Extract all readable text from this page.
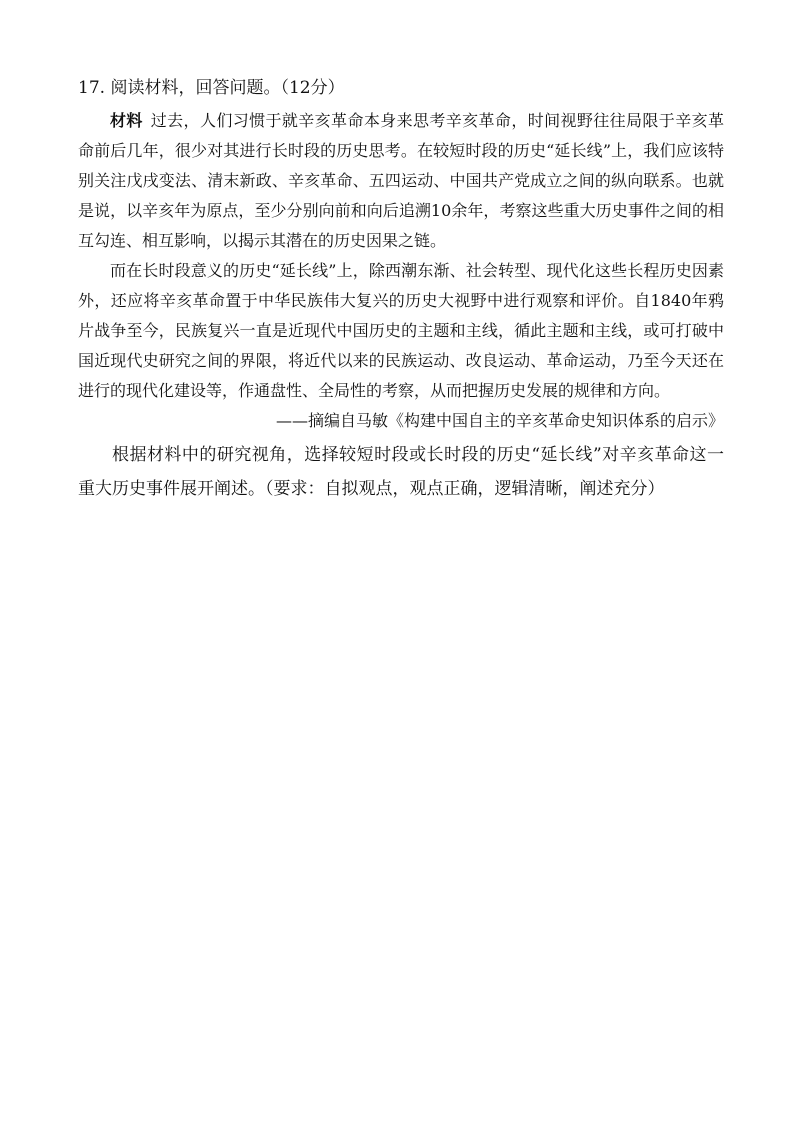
17. 阅读材料，回答问题。（12分）

材料 过去，人们习惯于就辛亥革命本身来思考辛亥革命，时间视野往往局限于辛亥革命前后几年，很少对其进行长时段的历史思考。在较短时段的历史“延长线”上，我们应该特别关注戊戌变法、清末新政、辛亥革命、五四运动、中国共产党成立之间的纵向联系。也就是说，以辛亥年为原点，至少分别向前和向后追溯10余年，考察这些重大历史事件之间的相互勾连、相互影响，以揭示其潜在的历史因果之链。

而在长时段意义的历史“延长线”上，除西潮东渐、社会转型、现代化这些长程历史因素外，还应将辛亥革命置于中华民族伟大复兴的历史大视野中进行观察和评价。自1840年鸦片战争至今，民族复兴一直是近现代中国历史的主题和主线，循此主题和主线，或可打破中国近现代史研究之间的界限，将近代以来的民族运动、改良运动、革命运动，乃至今天还在进行的现代化建设等，作通盘性、全局性的考察，从而把握历史发展的规律和方向。

——摘编自马敏《构建中国自主的辛亥革命史知识体系的启示》

根据材料中的研究视角，选择较短时段或长时段的历史“延长线”对辛亥革命这一重大历史事件展开阐述。（要求：自拟观点，观点正确，逻辑清晰，阐述充分）
